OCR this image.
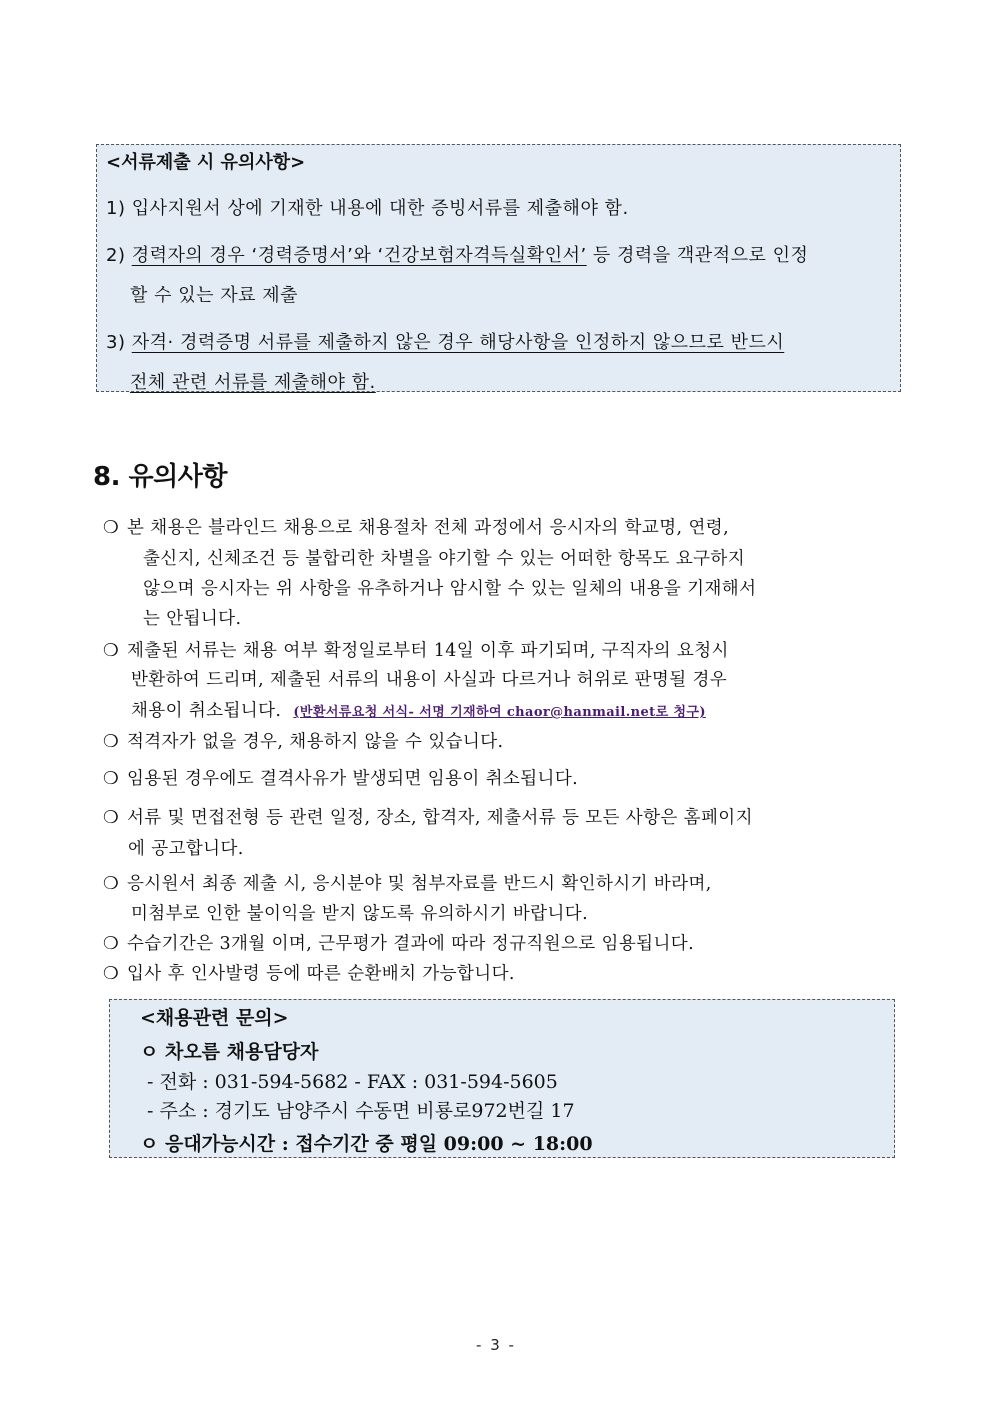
<서류제출 시 유의사항>
1) 입사지원서 상에 기재한 내용에 대한 증빙서류를 제출해야 함.
2) 경력자의 경우 ‘경력증명서’와 ‘건강보험자격득실확인서’ 등 경력을 객관적으로 인정
할 수 있는 자료 제출
3) 자격· 경력증명 서류를 제출하지 않은 경우 해당사항을 인정하지 않으므로 반드시
전체 관련 서류를 제출해야 함.
8. 유의사항
❍ 본 채용은 블라인드 채용으로 채용절차 전체 과정에서 응시자의 학교명, 연령,
출신지, 신체조건 등 불합리한 차별을 야기할 수 있는 어떠한 항목도 요구하지
않으며 응시자는 위 사항을 유추하거나 암시할 수 있는 일체의 내용을 기재해서
는 안됩니다.
❍ 제출된 서류는 채용 여부 확정일로부터 14일 이후 파기되며, 구직자의 요청시
반환하여 드리며, 제출된 서류의 내용이 사실과 다르거나 허위로 판명될 경우
채용이 취소됩니다. (반환서류요청 서식- 서명 기재하여 chaor@hanmail.net로 청구)
❍ 적격자가 없을 경우, 채용하지 않을 수 있습니다.
❍ 임용된 경우에도 결격사유가 발생되면 임용이 취소됩니다.
❍ 서류 및 면접전형 등 관련 일정, 장소, 합격자, 제출서류 등 모든 사항은 홈페이지
에 공고합니다.
❍ 응시원서 최종 제출 시, 응시분야 및 첨부자료를 반드시 확인하시기 바라며,
미첨부로 인한 불이익을 받지 않도록 유의하시기 바랍니다.
❍ 수습기간은 3개월 이며, 근무평가 결과에 따라 정규직원으로 임용됩니다.
❍ 입사 후 인사발령 등에 따른 순환배치 가능합니다.
<채용관련 문의>
ㅇ 차오름 채용담당자
- 전화 : 031-594-5682 - FAX : 031-594-5605
- 주소 : 경기도 남양주시 수동면 비룡로972번길 17
ㅇ 응대가능시간 : 접수기간 중 평일 09:00 ~ 18:00
- 3 -
